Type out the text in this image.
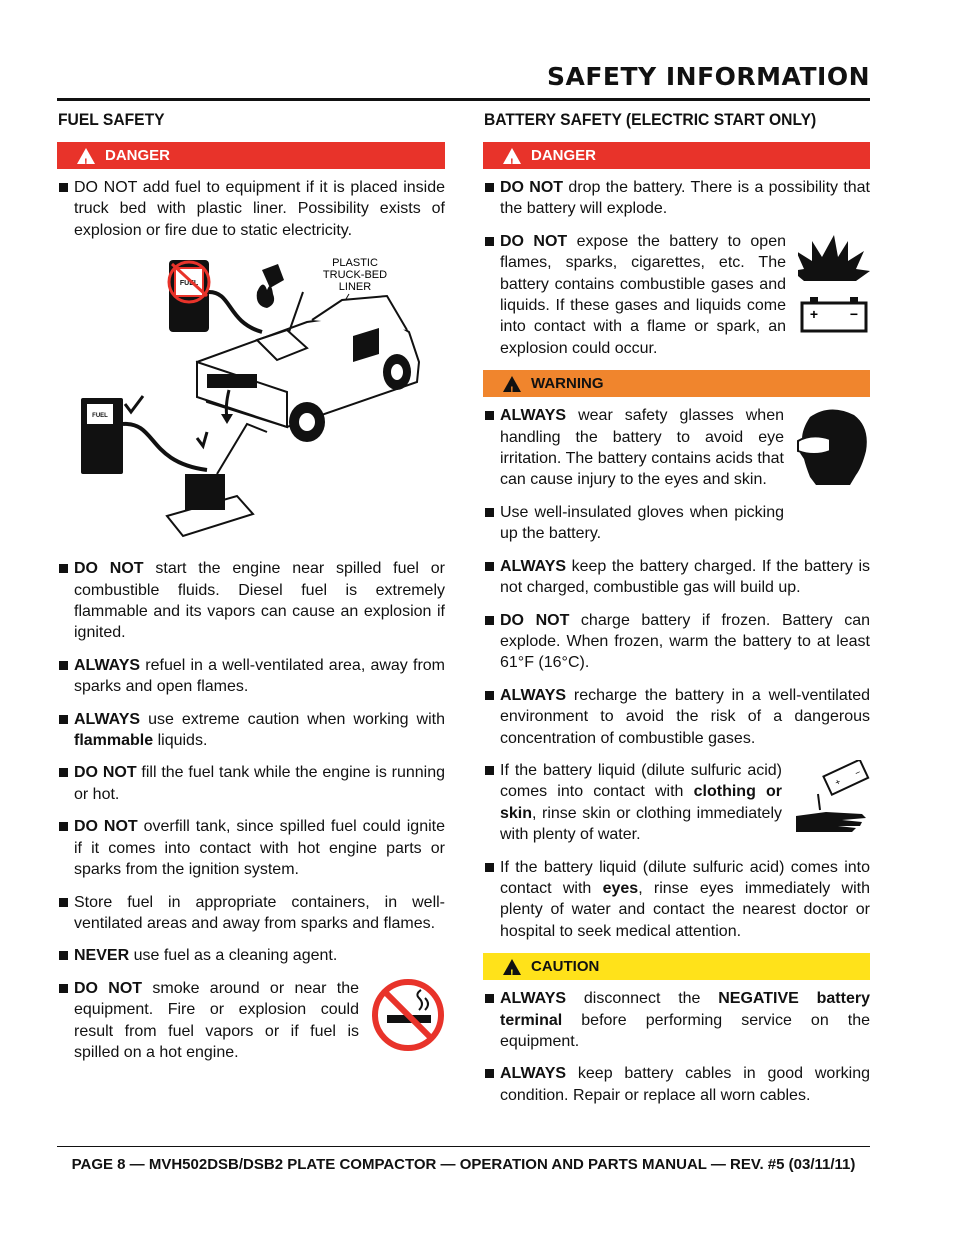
SAFETY INFORMATION
FUEL SAFETY
! DANGER
DO NOT add fuel to equipment if it is placed inside truck bed with plastic liner. Possibility exists of explosion or fire due to static electricity.
FUEL
PLASTIC
TRUCK-BED
LINER
FUEL
DO NOT start the engine near spilled fuel or combustible fluids. Diesel fuel is extremely flammable and its vapors can cause an explosion if ignited.
ALWAYS refuel in a well-ventilated area, away from sparks and open flames.
ALWAYS use extreme caution when working with flammable liquids.
DO NOT fill the fuel tank while the engine is running or hot.
DO NOT overfill tank, since spilled fuel could ignite if it comes into contact with hot engine parts or sparks from the ignition system.
Store fuel in appropriate containers, in well-ventilated areas and away from sparks and flames.
NEVER use fuel as a cleaning agent.
DO NOT smoke around or near the equipment. Fire or explosion could result from fuel vapors or if fuel is spilled on a hot engine.
BATTERY SAFETY (ELECTRIC START ONLY)
! DANGER
DO NOT drop the battery. There is a possibility that the battery will explode.
DO NOT expose the battery to open flames, sparks, cigarettes, etc. The battery contains combustible gases and liquids. If these gases and liquids come into contact with a flame or spark, an explosion could occur.
+ −
! WARNING
ALWAYS wear safety glasses when handling the battery to avoid eye irritation. The battery contains acids that can cause injury to the eyes and skin.
Use well-insulated gloves when picking up the battery.
ALWAYS keep the battery charged. If the battery is not charged, combustible gas will build up.
DO NOT charge battery if frozen. Battery can explode. When frozen, warm the battery to at least 61°F (16°C).
ALWAYS recharge the battery in a well-ventilated environment to avoid the risk of a dangerous concentration of combustible gases.
If the battery liquid (dilute sulfuric acid) comes into contact with clothing or skin, rinse skin or clothing immediately with plenty of water.
+
−
If the battery liquid (dilute sulfuric acid) comes into contact with eyes, rinse eyes immediately with plenty of water and contact the nearest doctor or hospital to seek medical attention.
! CAUTION
ALWAYS disconnect the NEGATIVE battery terminal before performing service on the equipment.
ALWAYS keep battery cables in good working condition. Repair or replace all worn cables.
PAGE 8 — MVH502DSB/DSB2 PLATE COMPACTOR — OPERATION AND PARTS MANUAL — REV. #5 (03/11/11)
